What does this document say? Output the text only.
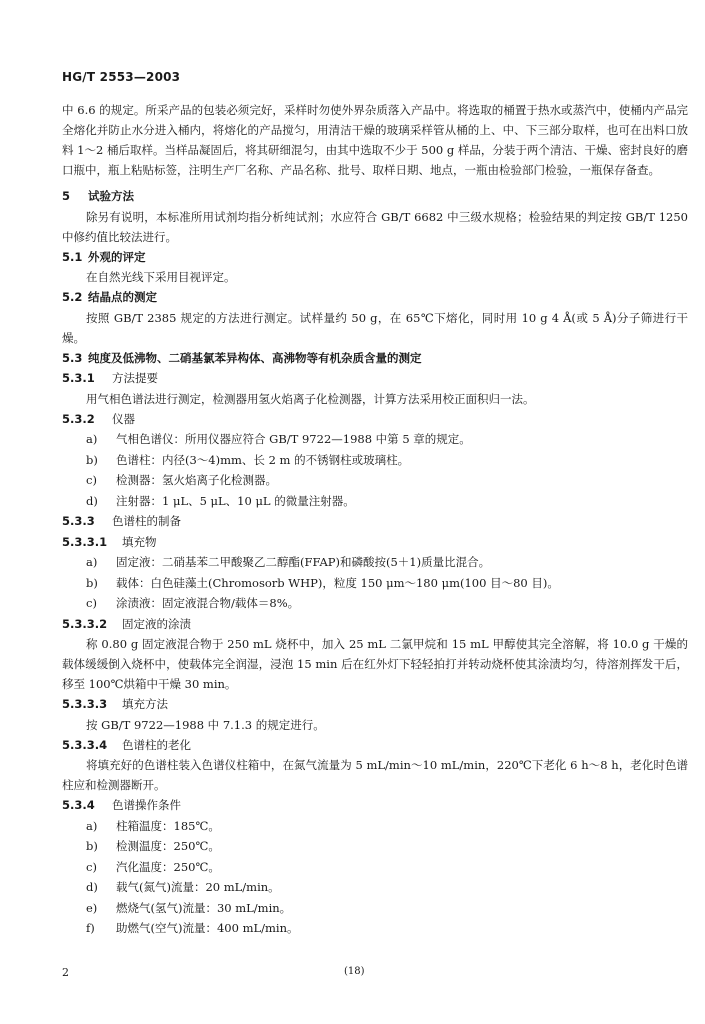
HG/T 2553—2003

中 6.6 的规定。所采产品的包装必须完好，采样时勿使外界杂质落入产品中。将选取的桶置于热水或蒸汽中，使桶内产品完全熔化并防止水分进入桶内，将熔化的产品搅匀，用清洁干燥的玻璃采样管从桶的上、中、下三部分取样，也可在出料口放料 1～2 桶后取样。当样品凝固后，将其研细混匀，由其中选取不少于 500 g 样品，分装于两个清洁、干燥、密封良好的磨口瓶中，瓶上粘贴标签，注明生产厂名称、产品名称、批号、取样日期、地点，一瓶由检验部门检验，一瓶保存备查。

5 试验方法

除另有说明，本标准所用试剂均指分析纯试剂；水应符合 GB/T 6682 中三级水规格；检验结果的判定按 GB/T 1250 中修约值比较法进行。

5.1 外观的评定

在自然光线下采用目视评定。

5.2 结晶点的测定

按照 GB/T 2385 规定的方法进行测定。试样量约 50 g，在 65℃下熔化，同时用 10 g 4 Å(或 5 Å)分子筛进行干燥。

5.3 纯度及低沸物、二硝基氯苯异构体、高沸物等有机杂质含量的测定
5.3.1 方法提要

用气相色谱法进行测定，检测器用氢火焰离子化检测器，计算方法采用校正面积归一法。

5.3.2 仪器

a) 气相色谱仪：所用仪器应符合 GB/T 9722—1988 中第 5 章的规定。

b) 色谱柱：内径(3～4)mm、长 2 m 的不锈钢柱或玻璃柱。

c) 检测器：氢火焰离子化检测器。

d) 注射器：1 μL、5 μL、10 μL 的微量注射器。

5.3.3 色谱柱的制备
5.3.3.1 填充物

a) 固定液：二硝基苯二甲酸聚乙二醇酯(FFAP)和磷酸按(5＋1)质量比混合。

b) 载体：白色硅藻土(Chromosorb WHP)，粒度 150 μm～180 μm(100 目～80 目)。

c) 涂渍液：固定液混合物/载体＝8%。

5.3.3.2 固定液的涂渍

称 0.80 g 固定液混合物于 250 mL 烧杯中，加入 25 mL 二氯甲烷和 15 mL 甲醇使其完全溶解，将 10.0 g 干燥的载体缓缓倒入烧杯中，使载体完全润湿，浸泡 15 min 后在红外灯下轻轻拍打并转动烧杯使其涂渍均匀，待溶剂挥发干后，移至 100℃烘箱中干燥 30 min。

5.3.3.3 填充方法

按 GB/T 9722—1988 中 7.1.3 的规定进行。

5.3.3.4 色谱柱的老化

将填充好的色谱柱装入色谱仪柱箱中，在氮气流量为 5 mL/min～10 mL/min，220℃下老化 6 h～8 h，老化时色谱柱应和检测器断开。

5.3.4 色谱操作条件

a) 柱箱温度：185℃。

b) 检测温度：250℃。

c) 汽化温度：250℃。

d) 载气(氮气)流量：20 mL/min。

e) 燃烧气(氢气)流量：30 mL/min。

f) 助燃气(空气)流量：400 mL/min。

2	(18)
